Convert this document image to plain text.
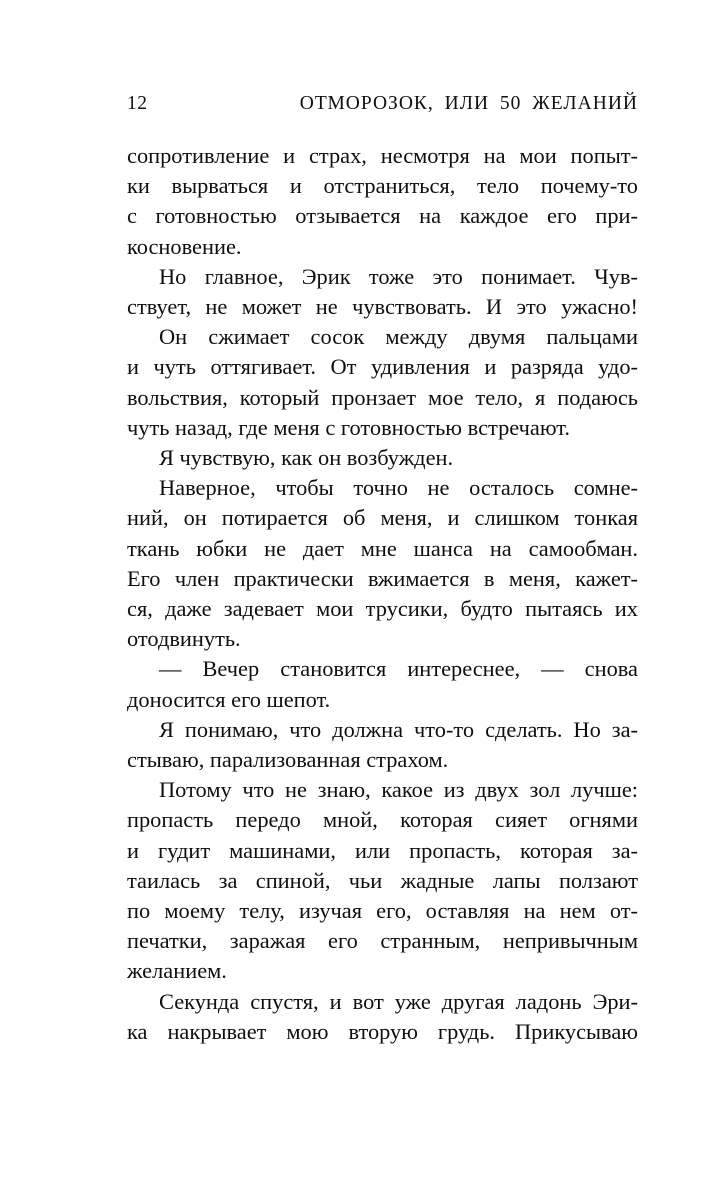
12	ОТМОРОЗОК, ИЛИ 50 ЖЕЛАНИЙ
сопротивление и страх, несмотря на мои попыт-
ки вырваться и отстраниться, тело почему-то
с готовностью отзывается на каждое его при-
косновение.
Но главное, Эрик тоже это понимает. Чув-
ствует, не может не чувствовать. И это ужасно!
Он сжимает сосок между двумя пальцами
и чуть оттягивает. От удивления и разряда удо-
вольствия, который пронзает мое тело, я подаюсь
чуть назад, где меня с готовностью встречают.
Я чувствую, как он возбужден.
Наверное, чтобы точно не осталось сомне-
ний, он потирается об меня, и слишком тонкая
ткань юбки не дает мне шанса на самообман.
Его член практически вжимается в меня, кажет-
ся, даже задевает мои трусики, будто пытаясь их
отодвинуть.
— Вечер становится интереснее, — снова
доносится его шепот.
Я понимаю, что должна что-то сделать. Но за-
стываю, парализованная страхом.
Потому что не знаю, какое из двух зол лучше:
пропасть передо мной, которая сияет огнями
и гудит машинами, или пропасть, которая за-
таилась за спиной, чьи жадные лапы ползают
по моему телу, изучая его, оставляя на нем от-
печатки, заражая его странным, непривычным
желанием.
Секунда спустя, и вот уже другая ладонь Эри-
ка накрывает мою вторую грудь. Прикусываю
